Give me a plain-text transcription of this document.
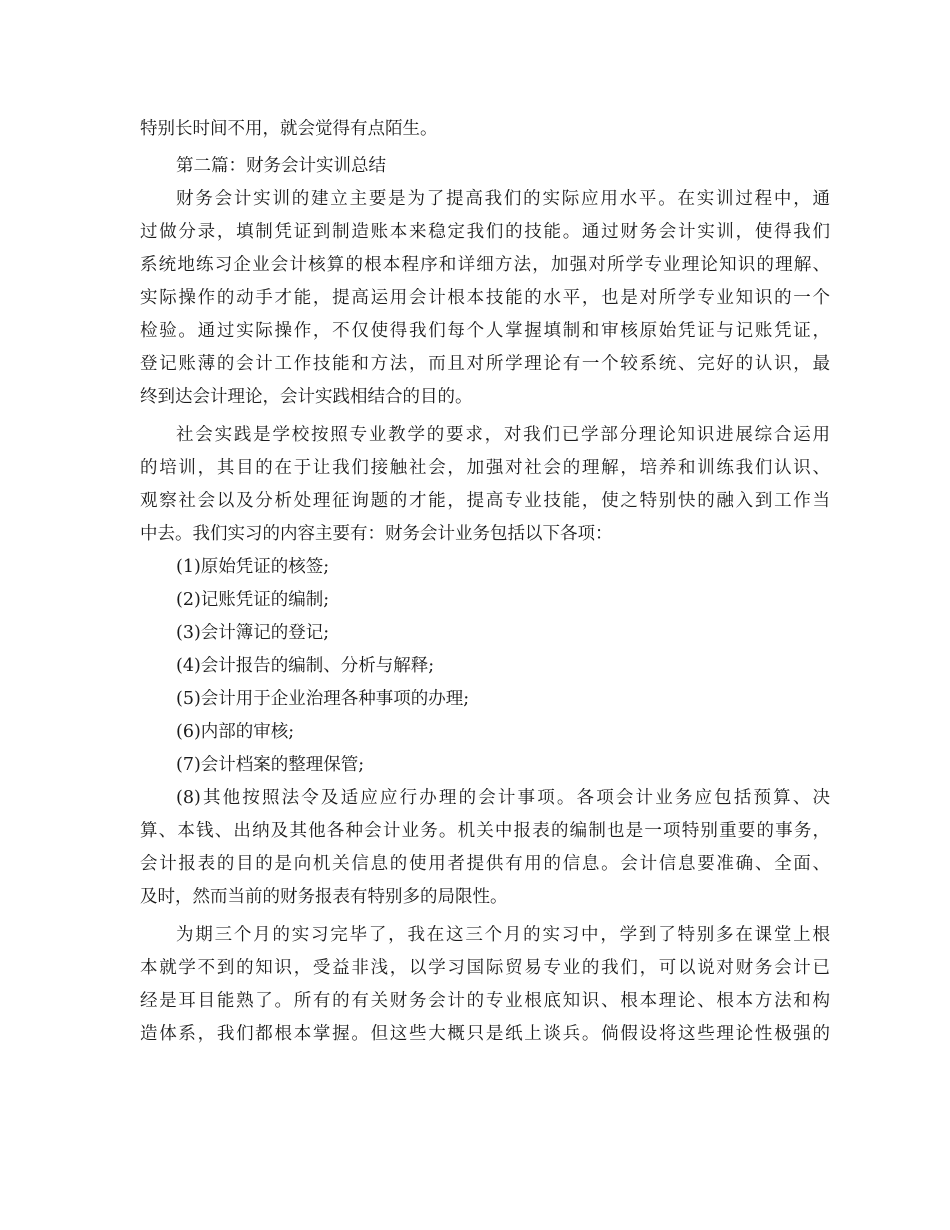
特别长时间不用，就会觉得有点陌生。
第二篇：财务会计实训总结
财务会计实训的建立主要是为了提高我们的实际应用水平。在实训过程中，通
过做分录，填制凭证到制造账本来稳定我们的技能。通过财务会计实训，使得我们
系统地练习企业会计核算的根本程序和详细方法，加强对所学专业理论知识的理解、
实际操作的动手才能，提高运用会计根本技能的水平，也是对所学专业知识的一个
检验。通过实际操作，不仅使得我们每个人掌握填制和审核原始凭证与记账凭证，
登记账薄的会计工作技能和方法，而且对所学理论有一个较系统、完好的认识，最
终到达会计理论，会计实践相结合的目的。
社会实践是学校按照专业教学的要求，对我们已学部分理论知识进展综合运用
的培训，其目的在于让我们接触社会，加强对社会的理解，培养和训练我们认识、
观察社会以及分析处理征询题的才能，提高专业技能，使之特别快的融入到工作当
中去。我们实习的内容主要有：财务会计业务包括以下各项：
(1)原始凭证的核签;
(2)记账凭证的编制;
(3)会计簿记的登记;
(4)会计报告的编制、分析与解释;
(5)会计用于企业治理各种事项的办理;
(6)内部的审核;
(7)会计档案的整理保管;
(8)其他按照法令及适应应行办理的会计事项。各项会计业务应包括预算、决
算、本钱、出纳及其他各种会计业务。机关中报表的编制也是一项特别重要的事务，
会计报表的目的是向机关信息的使用者提供有用的信息。会计信息要准确、全面、
及时，然而当前的财务报表有特别多的局限性。
为期三个月的实习完毕了，我在这三个月的实习中，学到了特别多在课堂上根
本就学不到的知识，受益非浅，以学习国际贸易专业的我们，可以说对财务会计已
经是耳目能熟了。所有的有关财务会计的专业根底知识、根本理论、根本方法和构
造体系，我们都根本掌握。但这些大概只是纸上谈兵。倘假设将这些理论性极强的
